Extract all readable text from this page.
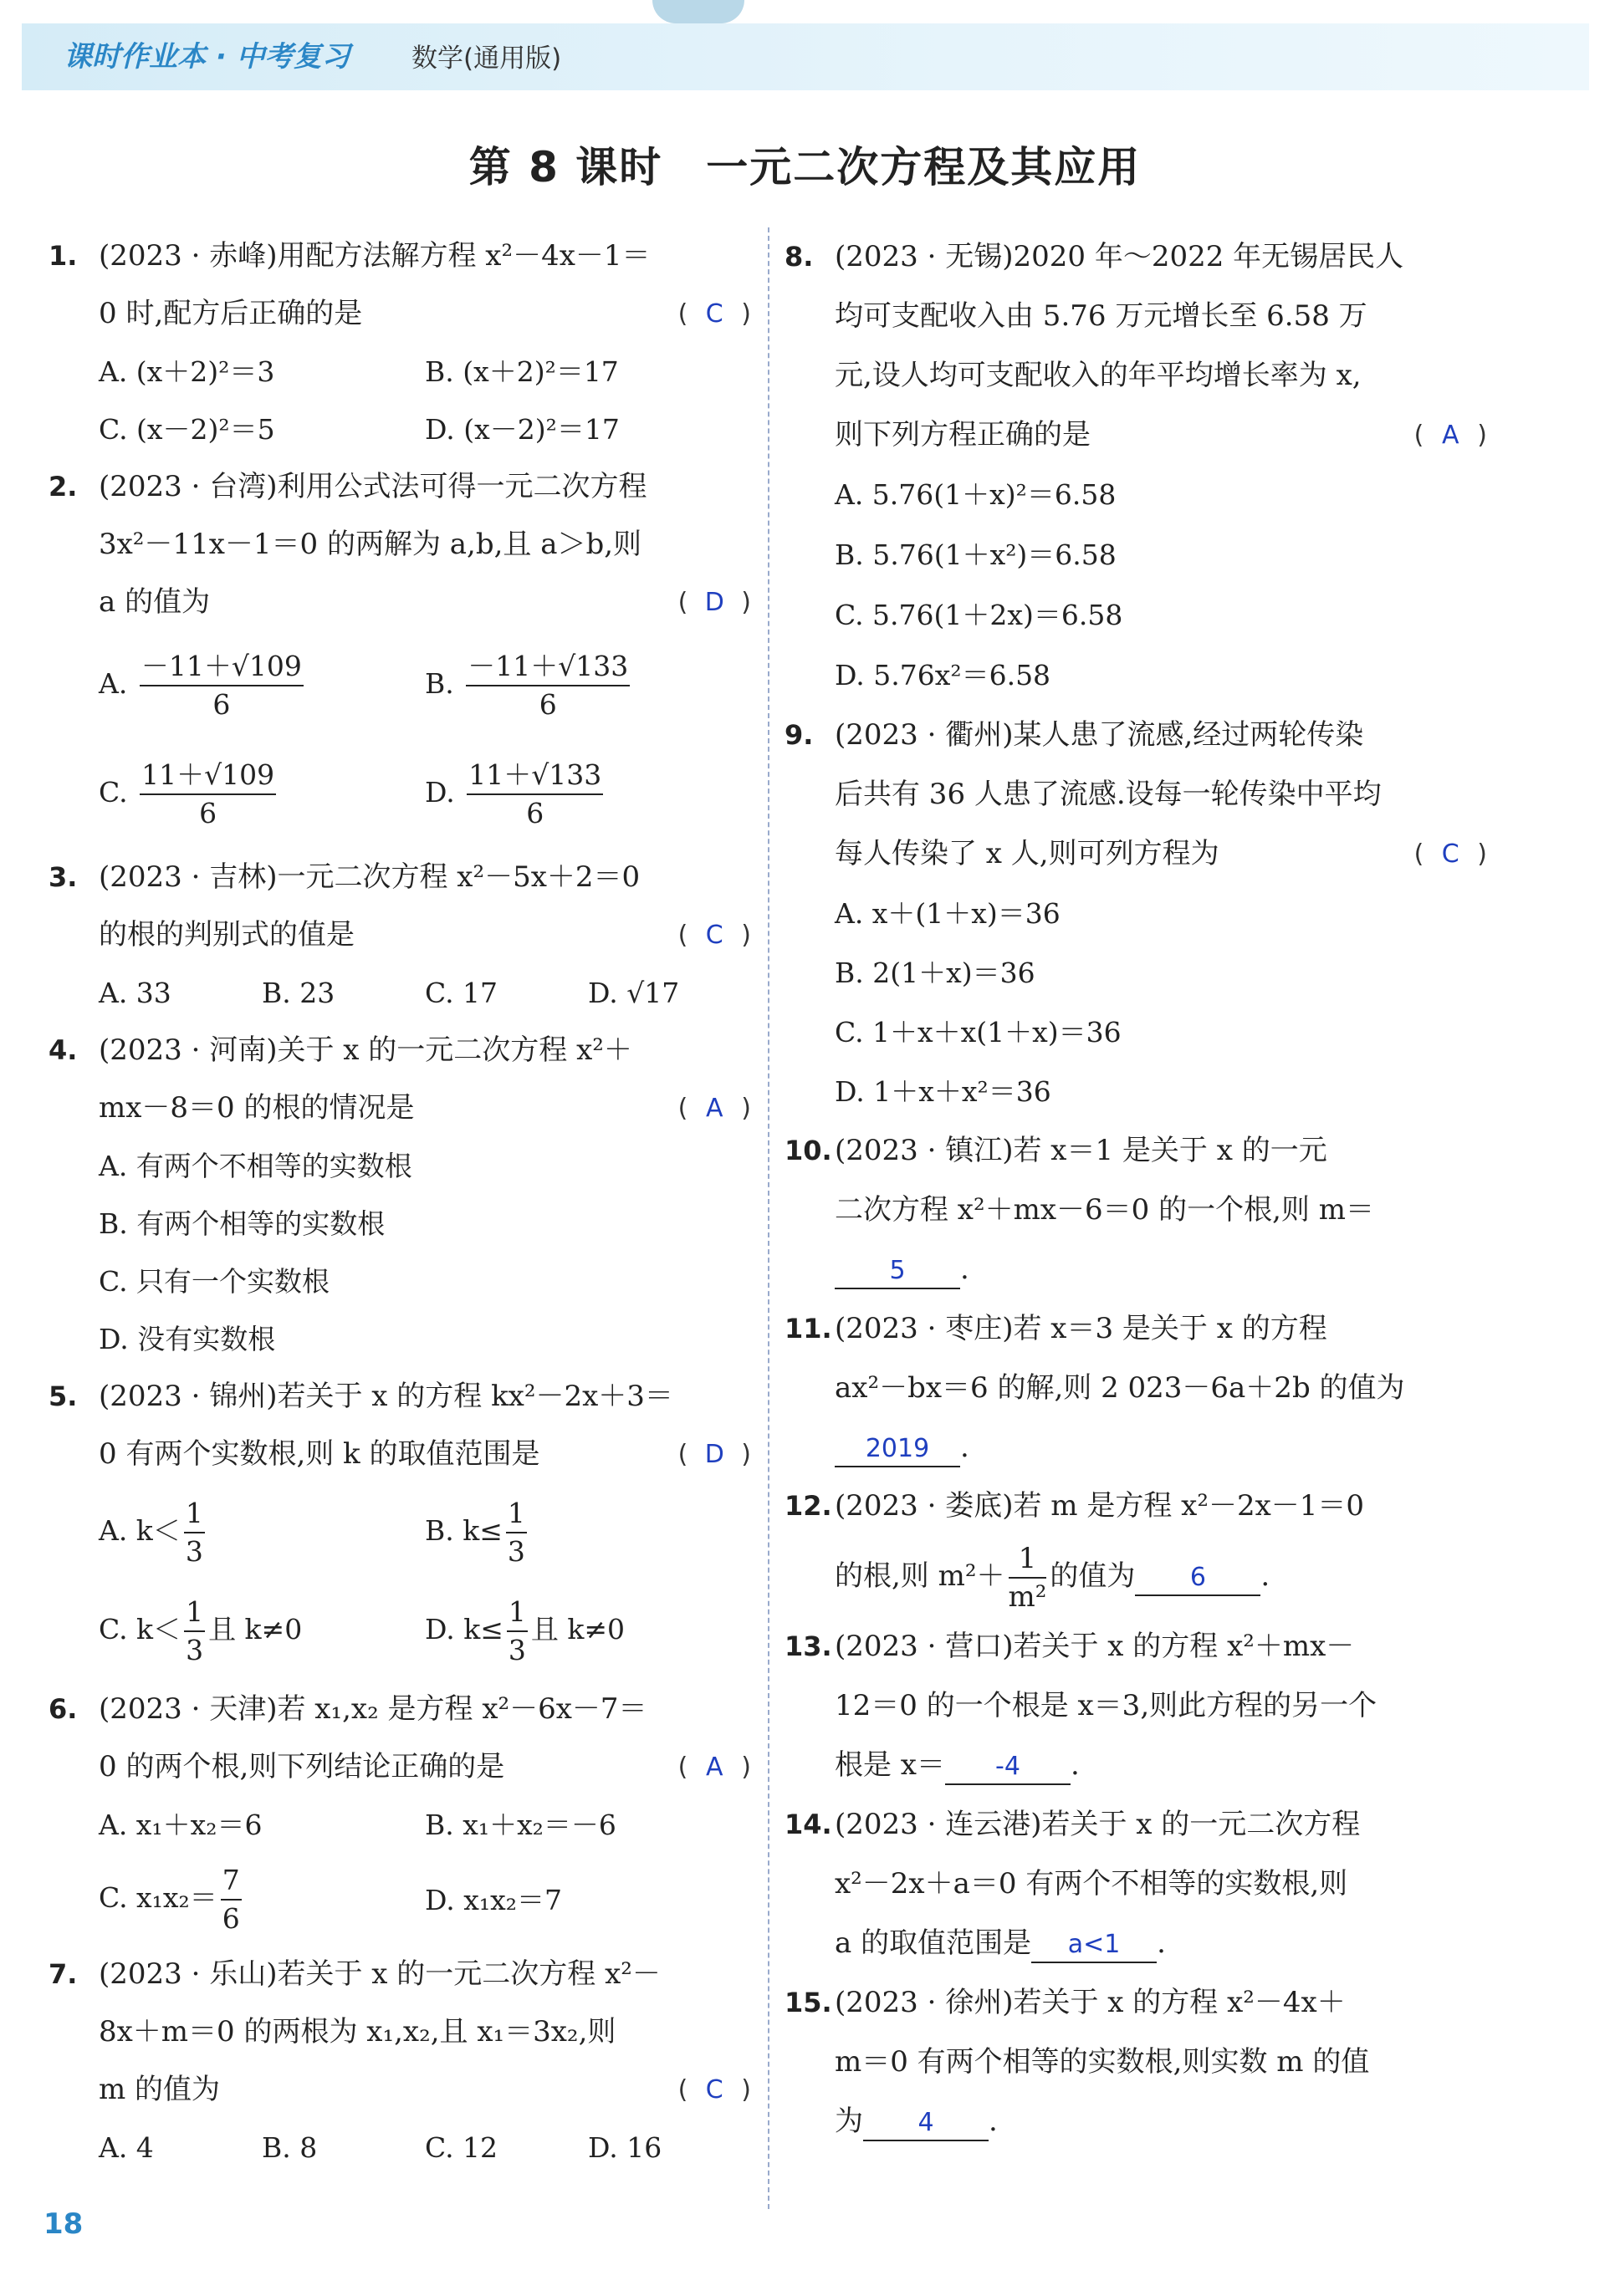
课时作业本 · 中考复习 数学(通用版)
第 8 课时　一元二次方程及其应用
1. (2023 · 赤峰)用配方法解方程 x²－4x－1＝
0 时,配方后正确的是	( C )
A. (x＋2)²＝3	B. (x＋2)²＝17
C. (x－2)²＝5	D. (x－2)²＝17
2. (2023 · 台湾)利用公式法可得一元二次方程
3x²－11x－1＝0 的两解为 a,b,且 a＞b,则
a 的值为	( D )
A. $\frac{-11+√109}{6}$	B. $\frac{-11+√133}{6}$
C. $\frac{11+√109}{6}$	D. $\frac{11+√133}{6}$
3. (2023 · 吉林)一元二次方程 x²－5x＋2＝0
的根的判别式的值是	( C )
A. 33	B. 23	C. 17	D. √17
4. (2023 · 河南)关于 x 的一元二次方程 x²＋
mx－8＝0 的根的情况是	( A )
A. 有两个不相等的实数根
B. 有两个相等的实数根
C. 只有一个实数根
D. 没有实数根
5. (2023 · 锦州)若关于 x 的方程 kx²－2x＋3＝
0 有两个实数根,则 k 的取值范围是	( D )
A. $k< \frac{1}{3}$	B. $k\le \frac{1}{3}$
C. $k< \frac{1}{3}$ 且 k≠0	D. $k\le \frac{1}{3}$ 且 k≠0
6. (2023 · 天津)若 x₁,x₂ 是方程 x²－6x－7＝
0 的两个根,则下列结论正确的是	( A )
A. x₁＋x₂＝6	B. x₁＋x₂＝－6
C. $x_1x_2= \frac{7}{6}$	D. x₁x₂＝7
7. (2023 · 乐山)若关于 x 的一元二次方程 x²－
8x＋m＝0 的两根为 x₁,x₂,且 x₁＝3x₂,则
m 的值为	( C )
A. 4	B. 8	C. 12	D. 16
8. (2023 · 无锡)2020 年～2022 年无锡居民人
均可支配收入由 5.76 万元增长至 6.58 万
元,设人均可支配收入的年平均增长率为 x,
则下列方程正确的是	( A )
A. 5.76(1＋x)²＝6.58
B. 5.76(1＋x²)＝6.58
C. 5.76(1＋2x)＝6.58
D. 5.76x²＝6.58
9. (2023 · 衢州)某人患了流感,经过两轮传染
后共有 36 人患了流感.设每一轮传染中平均
每人传染了 x 人,则可列方程为	( C )
A. x＋(1＋x)＝36
B. 2(1＋x)＝36
C. 1＋x＋x(1＋x)＝36
D. 1＋x＋x²＝36
10. (2023 · 镇江)若 x＝1 是关于 x 的一元
二次方程 x²＋mx－6＝0 的一个根,则 m＝
5 .
11. (2023 · 枣庄)若 x＝3 是关于 x 的方程
ax²－bx＝6 的解,则 2 023－6a＋2b 的值为
2019 .
12. (2023 · 娄底)若 m 是方程 x²－2x－1＝0
的根,则 $m^2+ \frac{1}{\text{m²}}$ 的值为 6 .
13. (2023 · 营口)若关于 x 的方程 x²＋mx－
12＝0 的一个根是 x＝3,则此方程的另一个
根是 x＝ -4 .
14. (2023 · 连云港)若关于 x 的一元二次方程
x²－2x＋a＝0 有两个不相等的实数根,则
a 的取值范围是 a<1 .
15. (2023 · 徐州)若关于 x 的方程 x²－4x＋
m＝0 有两个相等的实数根,则实数 m 的值
为 4 .
18
